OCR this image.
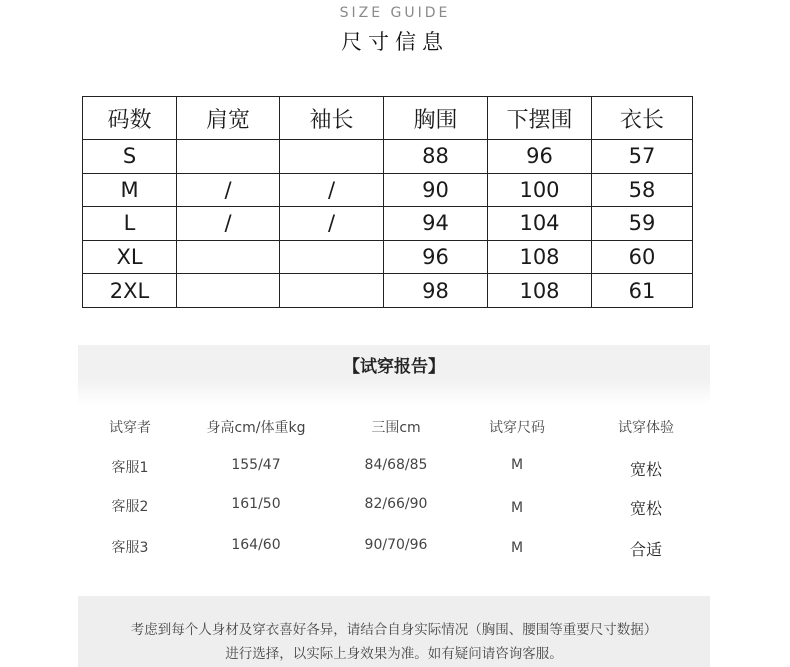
SIZE GUIDE
尺寸信息
码数	肩宽	袖长	胸围	下摆围	衣长
S			88	96	57
M	/	/	90	100	58
L	/	/	94	104	59
XL			96	108	60
2XL			98	108	61
【试穿报告】
试穿者	身高cm/体重kg	三围cm	试穿尺码	试穿体验
客服1	155/47	84/68/85	M	宽松
客服2	161/50	82/66/90	M	宽松
客服3	164/60	90/70/96	M	合适
考虑到每个人身材及穿衣喜好各异，请结合自身实际情况（胸围、腰围等重要尺寸数据）
进行选择，以实际上身效果为准。如有疑问请咨询客服。
